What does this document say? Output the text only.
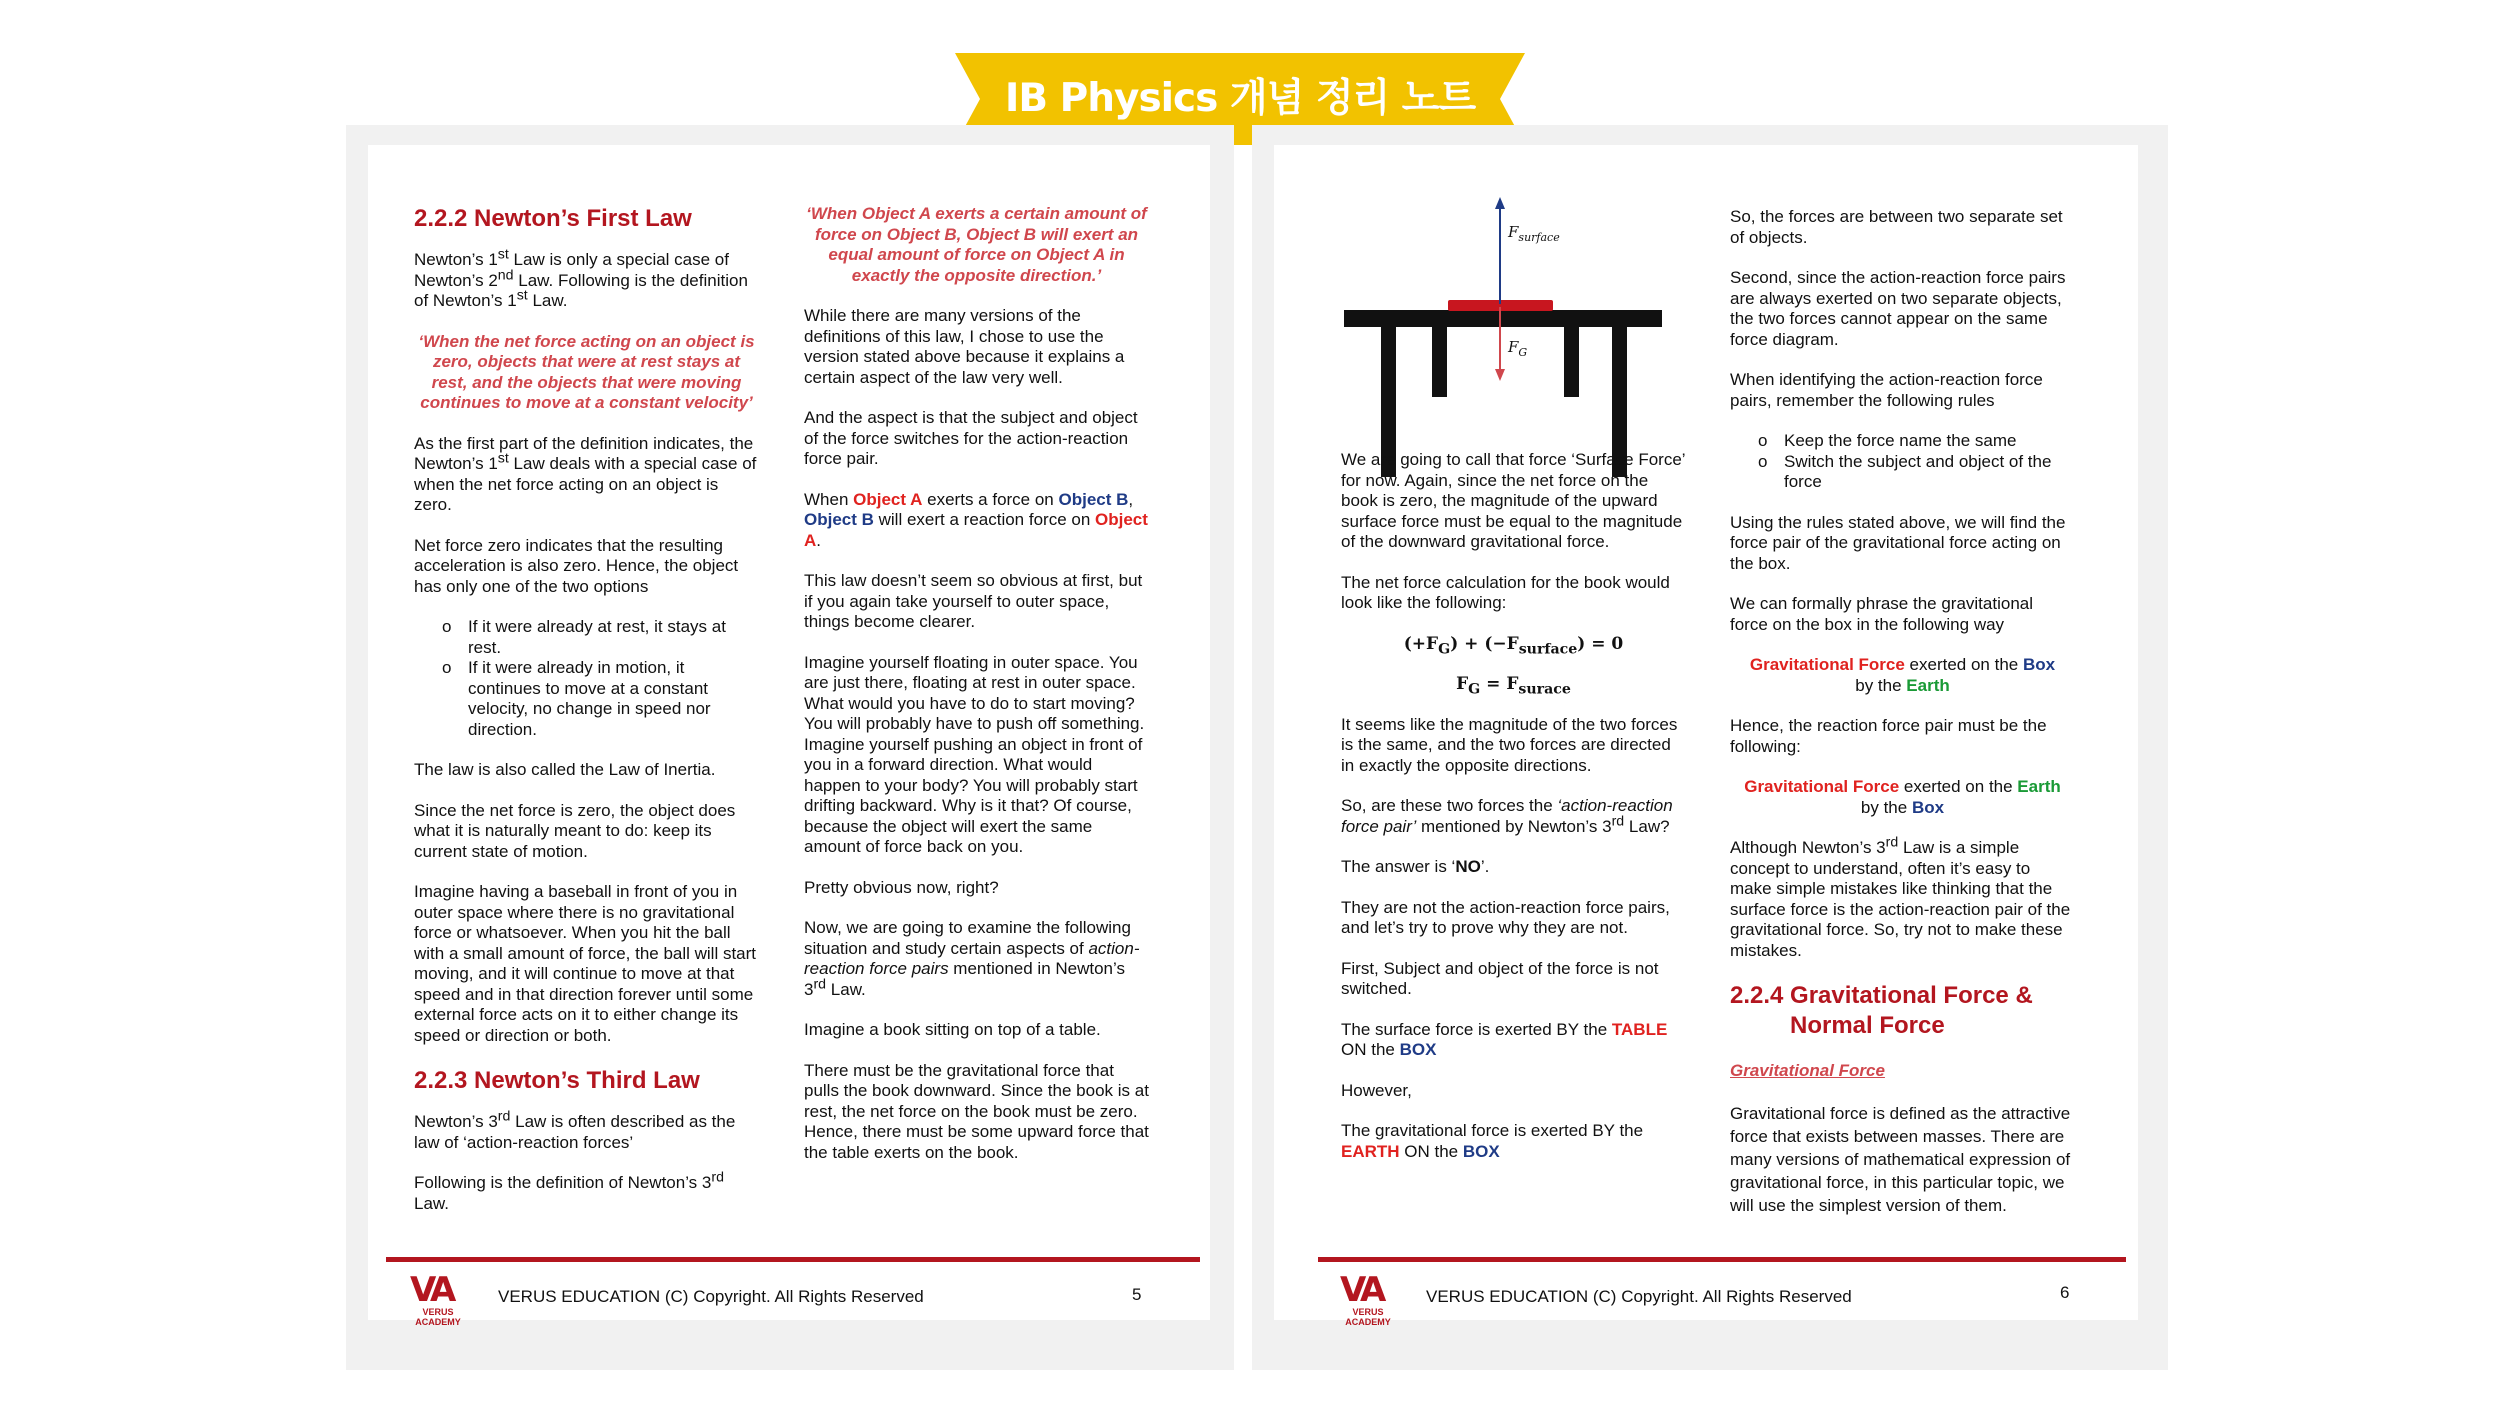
IB Physics 개념 정리 노트
2.2.2 Newton’s First Law

Newton’s 1st Law is only a special case of Newton’s 2nd Law. Following is the definition of Newton’s 1st Law.

‘When the net force acting on an object is zero, objects that were at rest stays at rest, and the objects that were moving continues to move at a constant velocity’

As the first part of the definition indicates, the Newton’s 1st Law deals with a special case of when the net force acting on an object is zero.

Net force zero indicates that the resulting acceleration is also zero. Hence, the object has only one of the two options

o If it were already at rest, it stays at rest.
o If it were already in motion, it continues to move at a constant velocity, no change in speed nor direction.

The law is also called the Law of Inertia.

Since the net force is zero, the object does what it is naturally meant to do: keep its current state of motion.

Imagine having a baseball in front of you in outer space where there is no gravitational force or whatsoever. When you hit the ball with a small amount of force, the ball will start moving, and it will continue to move at that speed and in that direction forever until some external force acts on it to either change its speed or direction or both.

2.2.3 Newton’s Third Law

Newton’s 3rd Law is often described as the law of ‘action-reaction forces’

Following is the definition of Newton’s 3rd Law.

‘When Object A exerts a certain amount of force on Object B, Object B will exert an equal amount of force on Object A in exactly the opposite direction.’

While there are many versions of the definitions of this law, I chose to use the version stated above because it explains a certain aspect of the law very well.

And the aspect is that the subject and object of the force switches for the action-reaction force pair.

When Object A exerts a force on Object B, Object B will exert a reaction force on Object A.

This law doesn’t seem so obvious at first, but if you again take yourself to outer space, things become clearer.

Imagine yourself floating in outer space. You are just there, floating at rest in outer space. What would you have to do to start moving? You will probably have to push off something. Imagine yourself pushing an object in front of you in a forward direction. What would happen to your body? You will probably start drifting backward. Why is it that? Of course, because the object will exert the same amount of force back on you.

Pretty obvious now, right?

Now, we are going to examine the following situation and study certain aspects of action-reaction force pairs mentioned in Newton’s 3rd Law.

Imagine a book sitting on top of a table.

There must be the gravitational force that pulls the book downward. Since the book is at rest, the net force on the book must be zero. Hence, there must be some upward force that the table exerts on the book.

VA
VERUS
ACADEMY
VERUS EDUCATION (C) Copyright. All Rights Reserved	5
$F_{surface}$
$F_G$

We are going to call that force ‘Surface Force’ for now. Again, since the net force on the book is zero, the magnitude of the upward surface force must be equal to the magnitude of the downward gravitational force.

The net force calculation for the book would look like the following:

$(+F_G) + (-F_{surface}) = 0$
$F_G = F_{surace}$

It seems like the magnitude of the two forces is the same, and the two forces are directed in exactly the opposite directions.

So, are these two forces the ‘action-reaction force pair’ mentioned by Newton’s 3rd Law?

The answer is ‘NO’.

They are not the action-reaction force pairs, and let’s try to prove why they are not.

First, Subject and object of the force is not switched.

The surface force is exerted BY the TABLE ON the BOX

However,

The gravitational force is exerted BY the EARTH ON the BOX

So, the forces are between two separate set of objects.

Second, since the action-reaction force pairs are always exerted on two separate objects, the two forces cannot appear on the same force diagram.

When identifying the action-reaction force pairs, remember the following rules

o Keep the force name the same
o Switch the subject and object of the force

Using the rules stated above, we will find the force pair of the gravitational force acting on the box.

We can formally phrase the gravitational force on the box in the following way

Gravitational Force exerted on the Box
by the Earth

Hence, the reaction force pair must be the following:

Gravitational Force exerted on the Earth
by the Box

Although Newton’s 3rd Law is a simple concept to understand, often it’s easy to make simple mistakes like thinking that the surface force is the action-reaction pair of the gravitational force. So, try not to make these mistakes.

2.2.4 Gravitational Force &
Normal Force

Gravitational Force

Gravitational force is defined as the attractive force that exists between masses. There are many versions of mathematical expression of gravitational force, in this particular topic, we will use the simplest version of them.

VA
VERUS
ACADEMY
VERUS EDUCATION (C) Copyright. All Rights Reserved	6
